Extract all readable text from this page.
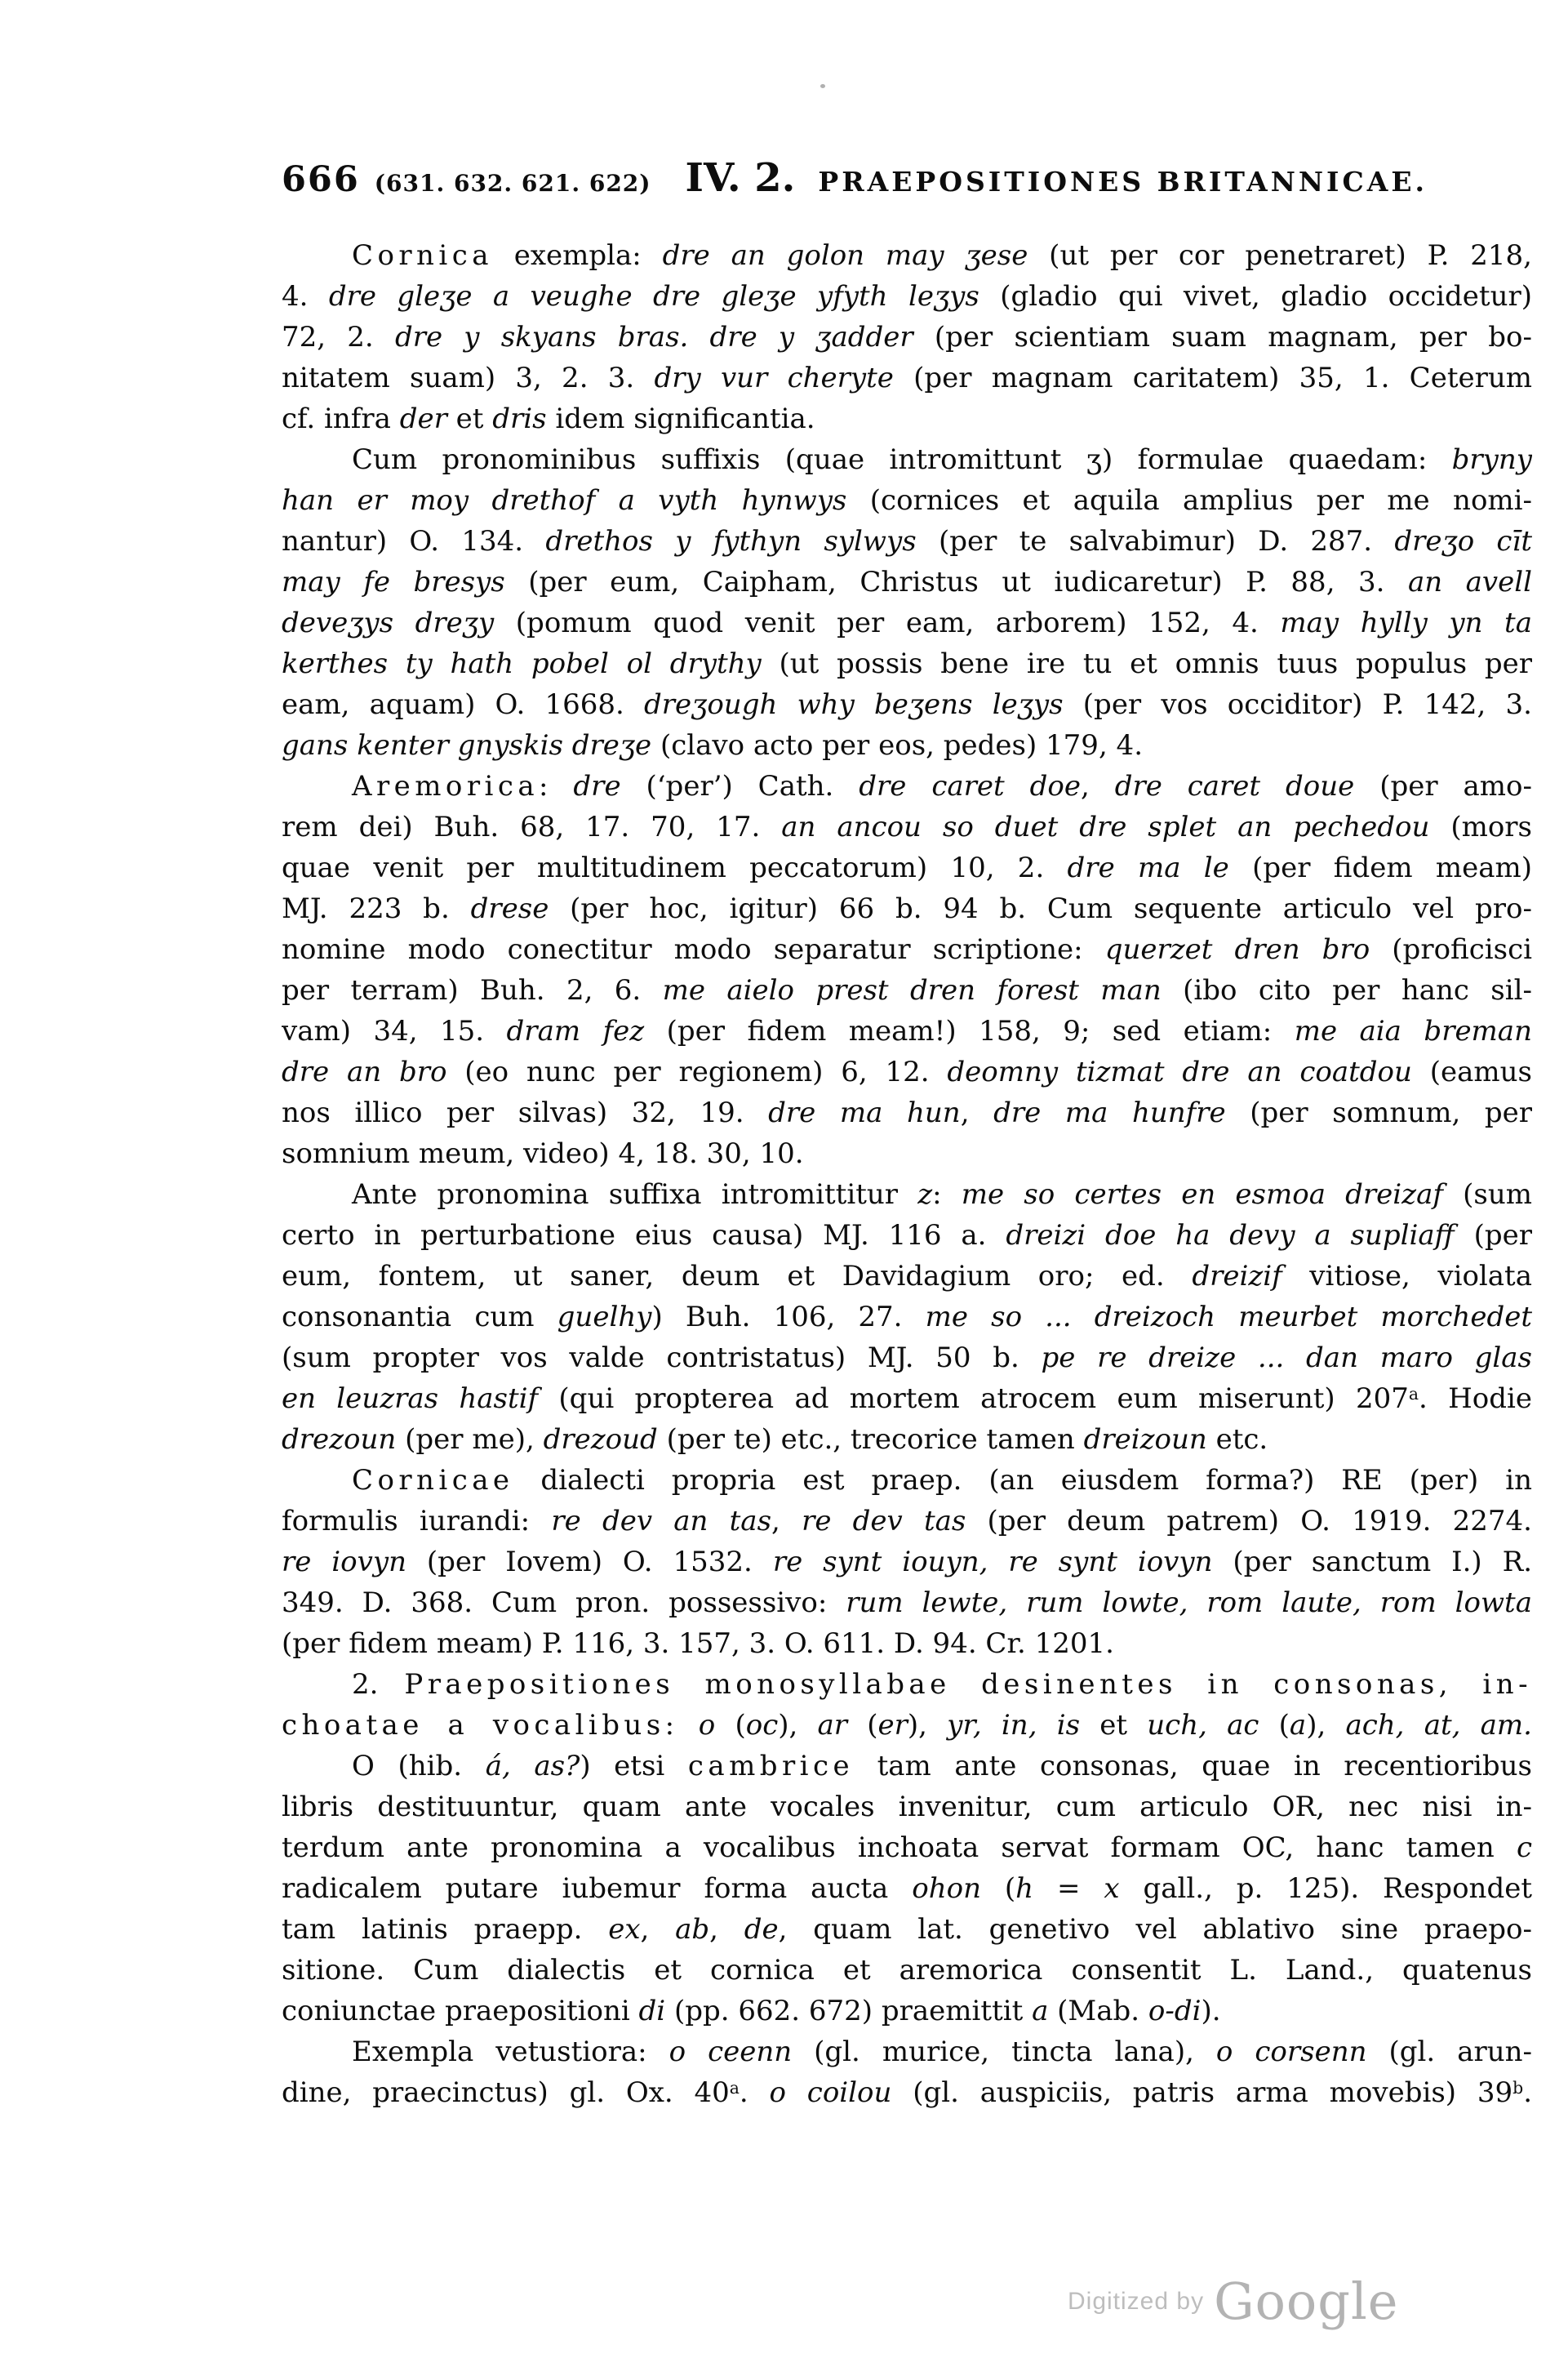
666 (631. 632. 621. 622) IV. 2. PRAEPOSITIONES BRITANNICAE.
Cornica exempla: dre an golon may ʒese (ut per cor penetraret) P. 218,
4. dre gleʒe a veughe dre gleʒe yfyth leʒys (gladio qui vivet, gladio occidetur)
72, 2. dre y skyans bras. dre y ʒadder (per scientiam suam magnam, per bo-
nitatem suam) 3, 2. 3. dry vur cheryte (per magnam caritatem) 35, 1. Ceterum
cf. infra der et dris idem significantia.
Cum pronominibus suffixis (quae intromittunt ʒ) formulae quaedam: bryny
han er moy drethof a vyth hynwys (cornices et aquila amplius per me nomi-
nantur) O. 134. drethos y fythyn sylwys (per te salvabimur) D. 287. dreʒo cīt
may fe bresys (per eum, Caipham, Christus ut iudicaretur) P. 88, 3. an avell
deveʒys dreʒy (pomum quod venit per eam, arborem) 152, 4. may hylly yn ta
kerthes ty hath pobel ol drythy (ut possis bene ire tu et omnis tuus populus per
eam, aquam) O. 1668. dreʒough why beʒens leʒys (per vos occiditor) P. 142, 3.
gans kenter gnyskis dreʒe (clavo acto per eos, pedes) 179, 4.
Aremorica: dre (‘per’) Cath. dre caret doe, dre caret doue (per amo-
rem dei) Buh. 68, 17. 70, 17. an ancou so duet dre splet an pechedou (mors
quae venit per multitudinem peccatorum) 10, 2. dre ma le (per fidem meam)
MJ. 223 b. drese (per hoc, igitur) 66 b. 94 b. Cum sequente articulo vel pro-
nomine modo conectitur modo separatur scriptione: querzet dren bro (proficisci
per terram) Buh. 2, 6. me aielo prest dren forest man (ibo cito per hanc sil-
vam) 34, 15. dram fez (per fidem meam!) 158, 9; sed etiam: me aia breman
dre an bro (eo nunc per regionem) 6, 12. deomny tizmat dre an coatdou (eamus
nos illico per silvas) 32, 19. dre ma hun, dre ma hunfre (per somnum, per
somnium meum, video) 4, 18. 30, 10.
Ante pronomina suffixa intromittitur z: me so certes en esmoa dreizaf (sum
certo in perturbatione eius causa) MJ. 116 a. dreizi doe ha devy a supliaff (per
eum, fontem, ut saner, deum et Davidagium oro; ed. dreizif vitiose, violata
consonantia cum guelhy) Buh. 106, 27. me so ... dreizoch meurbet morchedet
(sum propter vos valde contristatus) MJ. 50 b. pe re dreize ... dan maro glas
en leuzras hastif (qui propterea ad mortem atrocem eum miserunt) 207$^a$. Hodie
drezoun (per me), drezoud (per te) etc., trecorice tamen dreizoun etc.
Cornicae dialecti propria est praep. (an eiusdem forma?) RE (per) in
formulis iurandi: re dev an tas, re dev tas (per deum patrem) O. 1919. 2274.
re iovyn (per Iovem) O. 1532. re synt iouyn, re synt iovyn (per sanctum I.) R.
349. D. 368. Cum pron. possessivo: rum lewte, rum lowte, rom laute, rom lowta
(per fidem meam) P. 116, 3. 157, 3. O. 611. D. 94. Cr. 1201.
2. Praepositiones monosyllabae desinentes in consonas, in-
choatae a vocalibus: o (oc), ar (er), yr, in, is et uch, ac (a), ach, at, am.
O (hib. á, as?) etsi cambrice tam ante consonas, quae in recentioribus
libris destituuntur, quam ante vocales invenitur, cum articulo OR, nec nisi in-
terdum ante pronomina a vocalibus inchoata servat formam OC, hanc tamen c
radicalem putare iubemur forma aucta ohon (h = x gall., p. 125). Respondet
tam latinis praepp. ex, ab, de, quam lat. genetivo vel ablativo sine praepo-
sitione. Cum dialectis et cornica et aremorica consentit L. Land., quatenus
coniunctae praepositioni di (pp. 662. 672) praemittit a (Mab. o-di).
Exempla vetustiora: o ceenn (gl. murice, tincta lana), o corsenn (gl. arun-
dine, praecinctus) gl. Ox. 40$^a$. o coilou (gl. auspiciis, patris arma movebis) 39$^b$.
Digitized by Google
